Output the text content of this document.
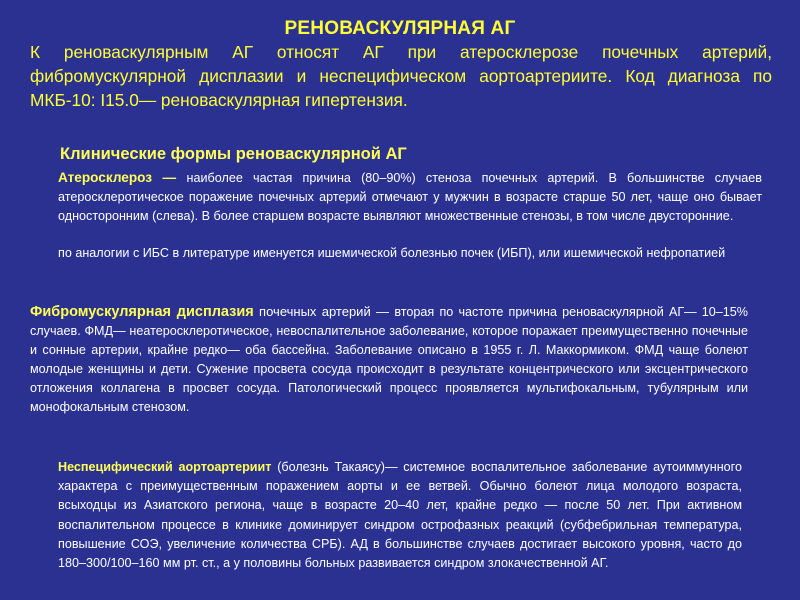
РЕНОВАСКУЛЯРНАЯ АГ
К реноваскулярным АГ относят АГ при атеросклерозе почечных артерий, фибромускулярной дисплазии и неспецифическом аортоартериите. Код диагноза по МКБ-10: I15.0— реноваскулярная гипертензия.
Клинические формы реноваскулярной АГ
Атеросклероз — наиболее частая причина (80–90%) стеноза почечных артерий. В большинстве случаев атеросклеротическое поражение почечных артерий отмечают у мужчин в возрасте старше 50 лет, чаще оно бывает односторонним (слева). В более старшем возрасте выявляют множественные стенозы, в том числе двусторонние.
по аналогии с ИБС в литературе именуется ишемической болезнью почек (ИБП), или ишемической нефропатией
Фибромускулярная дисплазия почечных артерий — вторая по частоте причина реноваскулярной АГ— 10–15% случаев. ФМД— неатеросклеротическое, невоспалительное заболевание, которое поражает преимущественно почечные и сонные артерии, крайне редко— оба бассейна. Заболевание описано в 1955 г. Л. Маккормиком. ФМД чаще болеют молодые женщины и дети. Сужение просвета сосуда происходит в результате концентрического или эксцентрического отложения коллагена в просвет сосуда. Патологический процесс проявляется мультифокальным, тубулярным или монофокальным стенозом.
Неспецифический аортоартериит (болезнь Такаясу)— системное воспалительное заболевание аутоиммунного характера с преимущественным поражением аорты и ее ветвей. Обычно болеют лица молодого возраста, всыходцы из Азиатского региона, чаще в возрасте 20–40 лет, крайне редко — после 50 лет. При активном воспалительном процессе в клинике доминирует синдром острофазных реакций (субфебрильная температура, повышение СОЭ, увеличение количества СРБ). АД в большинстве случаев достигает высокого уровня, часто до 180–300/100–160 мм рт. ст., а у половины больных развивается синдром злокачественной АГ.
